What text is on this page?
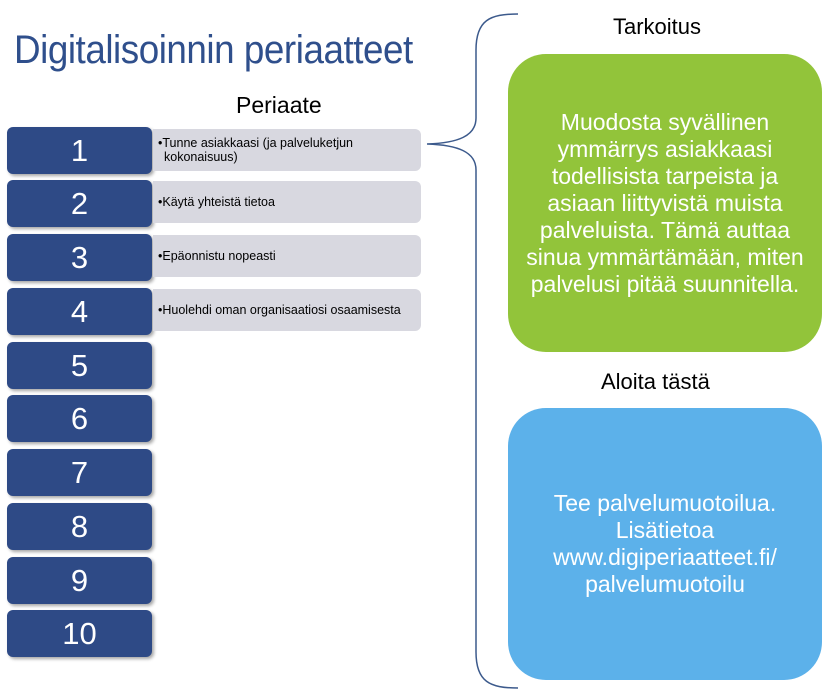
Digitalisoinnin periaatteet
Periaate
1
2
3
4
5
6
7
8
9
10
•Tunne asiakkaasi (ja palveluketjun kokonaisuus)
•Käytä yhteistä tietoa
•Epäonnistu nopeasti
•Huolehdi oman organisaatiosi osaamisesta
Tarkoitus
Muodosta syvällinen ymmärrys asiakkaasi todellisista tarpeista ja asiaan liittyvistä muista palveluista. Tämä auttaa sinua ymmärtämään, miten palvelusi pitää suunnitella.
Aloita tästä
Tee palvelumuotoilua. Lisätietoa www.digiperiaatteet.fi/ palvelumuotoilu
